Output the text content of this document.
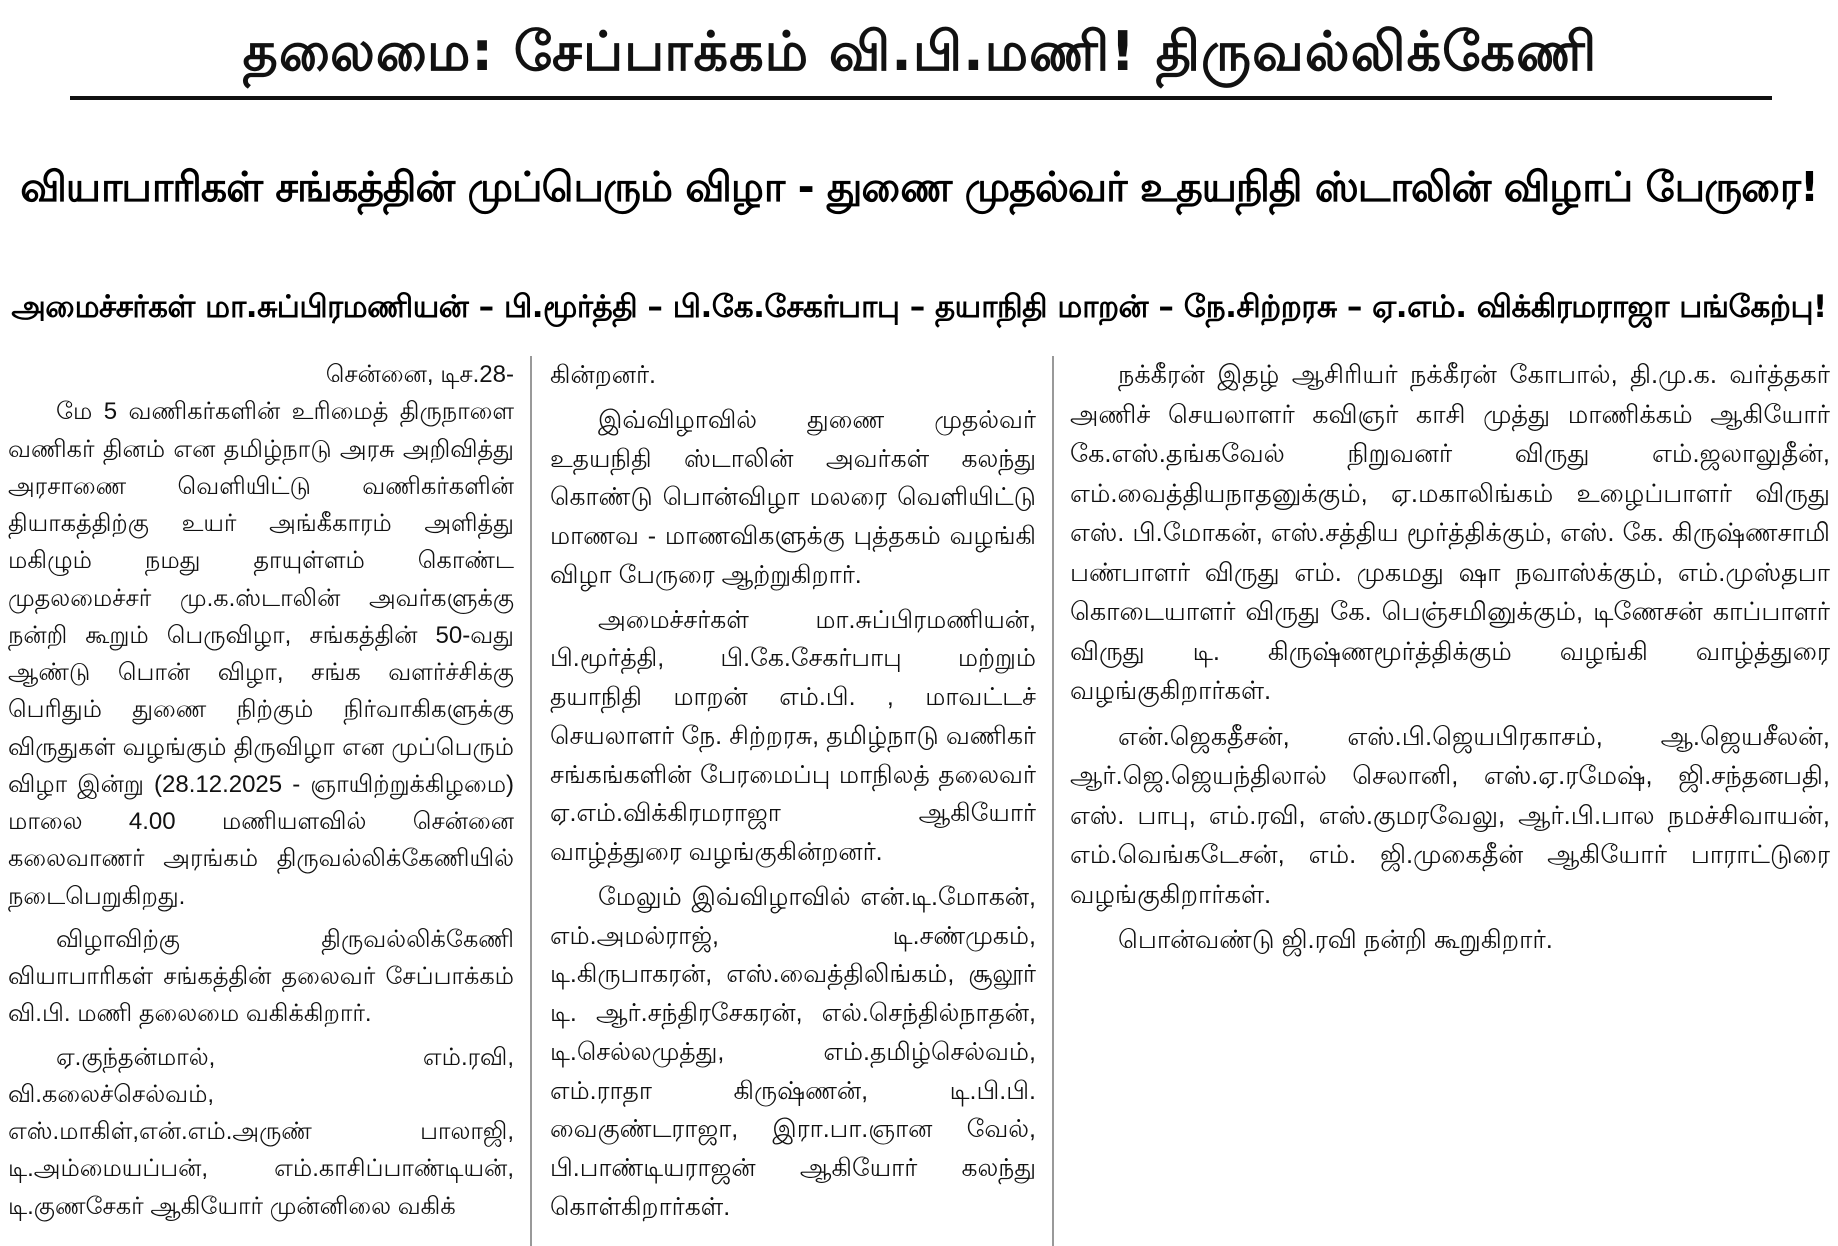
தலைமை: சேப்பாக்கம் வி.பி.மணி! திருவல்லிக்கேணி
வியாபாரிகள் சங்கத்தின் முப்பெரும் விழா - துணை முதல்வர் உதயநிதி ஸ்டாலின் விழாப் பேருரை!
அமைச்சர்கள் மா.சுப்பிரமணியன் – பி.மூர்த்தி – பி.கே.சேகர்பாபு – தயாநிதி மாறன் – நே.சிற்றரசு – ஏ.எம். விக்கிரமராஜா பங்கேற்பு!

சென்னை, டிச.28-

மே 5 வணிகர்களின் உரிமைத் திருநாளை வணிகர் தினம் என தமிழ்நாடு அரசு அறிவித்து அரசாணை வெளியிட்டு வணிகர்களின் தியாகத்திற்கு உயர் அங்கீகாரம் அளித்து மகிழும் நமது தாயுள்ளம் கொண்ட முதலமைச்சர் மு.க.ஸ்டாலின் அவர்களுக்கு நன்றி கூறும் பெருவிழா, சங்கத்தின் 50-வது ஆண்டு பொன் விழா, சங்க வளர்ச்சிக்கு பெரிதும் துணை நிற்கும் நிர்வாகிகளுக்கு விருதுகள் வழங்கும் திருவிழா என முப்பெரும் விழா இன்று (28.12.2025 - ஞாயிற்றுக்கிழமை) மாலை 4.00 மணியளவில் சென்னை கலைவாணர் அரங்கம் திருவல்லிக்கேணியில் நடைபெறுகிறது.

விழாவிற்கு திருவல்லிக்கேணி வியாபாரிகள் சங்கத்தின் தலைவர் சேப்பாக்கம் வி.பி. மணி தலைமை வகிக்கிறார்.

ஏ.குந்தன்மால், எம்.ரவி, வி.கலைச்செல்வம், எஸ்.மாகிள்,என்.எம்.அருண் பாலாஜி, டி.அம்மையப்பன், எம்.காசிப்பாண்டியன், டி.குணசேகர் ஆகியோர் முன்னிலை வகிக்

கின்றனர்.

இவ்விழாவில் துணை முதல்வர் உதயநிதி ஸ்டாலின் அவர்கள் கலந்து கொண்டு பொன்விழா மலரை வெளியிட்டு மாணவ - மாணவிகளுக்கு புத்தகம் வழங்கி விழா பேருரை ஆற்றுகிறார்.

அமைச்சர்கள் மா.சுப்பிரமணியன், பி.மூர்த்தி, பி.கே.சேகர்பாபு மற்றும் தயாநிதி மாறன் எம்.பி. , மாவட்டச் செயலாளர் நே. சிற்றரசு, தமிழ்நாடு வணிகர் சங்கங்களின் பேரமைப்பு மாநிலத் தலைவர் ஏ.எம்.விக்கிரமராஜா ஆகியோர் வாழ்த்துரை வழங்குகின்றனர்.

மேலும் இவ்விழாவில் என்.டி.மோகன், எம்.அமல்ராஜ், டி.சண்முகம், டி.கிருபாகரன், எஸ்.வைத்திலிங்கம், சூலூர் டி. ஆர்.சந்திரசேகரன், எல்.செந்தில்நாதன், டி.செல்லமுத்து, எம்.தமிழ்செல்வம், எம்.ராதா கிருஷ்ணன், டி.பி.பி. வைகுண்டராஜா, இரா.பா.ஞான வேல், பி.பாண்டியராஜன் ஆகியோர் கலந்து கொள்கிறார்கள்.

நக்கீரன் இதழ் ஆசிரியர் நக்கீரன் கோபால், தி.மு.க. வர்த்தகர் அணிச் செயலாளர் கவிஞர் காசி முத்து மாணிக்கம் ஆகியோர் கே.எஸ்.தங்கவேல் நிறுவனர் விருது எம்.ஜலாலுதீன், எம்.வைத்தியநாதனுக்கும், ஏ.மகாலிங்கம் உழைப்பாளர் விருது எஸ். பி.மோகன், எஸ்.சத்திய மூர்த்திக்கும், எஸ். கே. கிருஷ்ணசாமி பண்பாளர் விருது எம். முகமது ஷா நவாஸ்க்கும், எம்.முஸ்தபா கொடையாளர் விருது கே. பெஞ்சமினுக்கும், டிணேசன் காப்பாளர் விருது டி. கிருஷ்ணமூர்த்திக்கும் வழங்கி வாழ்த்துரை வழங்குகிறார்கள்.

என்.ஜெகதீசன், எஸ்.பி.ஜெயபிரகாசம், ஆ.ஜெயசீலன், ஆர்.ஜெ.ஜெயந்திலால் செலானி, எஸ்.ஏ.ரமேஷ், ஜி.சந்தனபதி, எஸ். பாபு, எம்.ரவி, எஸ்.குமரவேலு, ஆர்.பி.பால நமச்சிவாயன், எம்.வெங்கடேசன், எம். ஜி.முகைதீன் ஆகியோர் பாராட்டுரை வழங்குகிறார்கள்.

பொன்வண்டு ஜி.ரவி நன்றி கூறுகிறார்.
